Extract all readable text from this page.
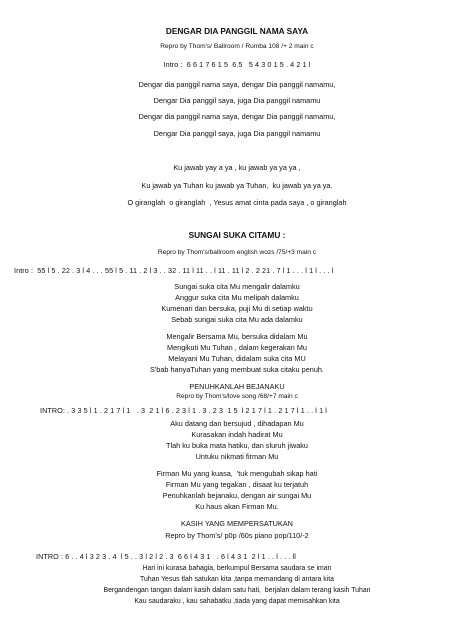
DENGAR DIA PANGGIL NAMA SAYA
Repro by Thom's/ Ballroom / Rumba 108 /+ 2 main c
Intro :  6 6 1 7 6 1 5  6.5   5 4 3 0 1 5 . 4 2 1 l
Dengar dia panggil nama saya, dengar Dia panggil namamu,
Dengar Dia panggil saya, juga Dia panggil namamu
Dengar dia panggil nama saya, dengar Dia panggil namamu,
Dengar Dia panggil saya, juga Dia panggil namamu
Ku jawab yay a ya , ku jawab ya ya ya ,
Ku jawab ya Tuhan ku jawab ya Tuhan,  ku jawab ya ya ya.
O giranglah  o giranglah  , Yesus amat cinta pada saya , o giranglah
SUNGAI SUKA CITAMU :
Repro by Thom's/ballroom english wozs /75/+3 main c
Intro :  55 l 5 . 22 . 3 l 4 . . . 55 l 5 . 11 . 2 l 3 . . 32 . 11 l 11 . . l 11 . 11 l 2 . 2 21 . 7 l 1 . . . l 1 l . . . l
Sungai suka cita Mu mengalir dalamku
Anggur suka cita Mu melipah dalamku
Kumenari dan bersuka, puji Mu di setiap waktu
Sebab sungai suka cita Mu ada dalamku
Mengalir Bersama Mu, bersuka didalam Mu
Mengikuti Mu Tuhan , dalam kegerakan Mu
Melayani Mu Tuhan, didalam suka cita MU
S'bab hanyaTuhan yang membuat suka citaku penuh.
PENUHKANLAH BEJANAKU
Repro by Thom's/love song /68/+7 main c
INTRO: . 3 3 5 l 1 . 2 1 7 l 1   . 3  2 1 l 6 . 2 3 l 1 . 3 . 2 3  1 5  l 2 1 7 l 1 . 2 1 7 l 1 . . l 1 l
Aku datang dan bersujud , dihadapan Mu
Kurasakan indah hadirat Mu
Tlah ku buka mata hatiku, dan sluruh jiwaku
Untuku nikmati firman Mu
Firman Mu yang kuasa,  'tuk mengubah sikap hati
Firman Mu yang tegakan , disaat ku terjatuh
Penuhkanlah bejanaku, dengan air sungai Mu
Ku haus akan Firman Mu.
KASIH YANG MEMPERSATUKAN
Repro by Thom's/ p0p /60s piano pop/110/-2
INTRO : 6 . . 4 l 3 2 3 . 4  l 5 . . 3 l 2 l 2 . 3  6 6 l 4 3 1   . 6 l 4 3 1  2 l 1 . . l . . . ll
Hari ini kurasa bahagia, berkumpul Bersama saudara se iman
Tuhan Yesus tlah satukan kita ,tanpa memandang di antara kita
Bergandengan tangan dalam kasih dalam satu hati,  berjalan dalam terang kasih Tuhan
Kau saudaraku , kau sahabatku ,tiada yang dapat memisahkan kita
